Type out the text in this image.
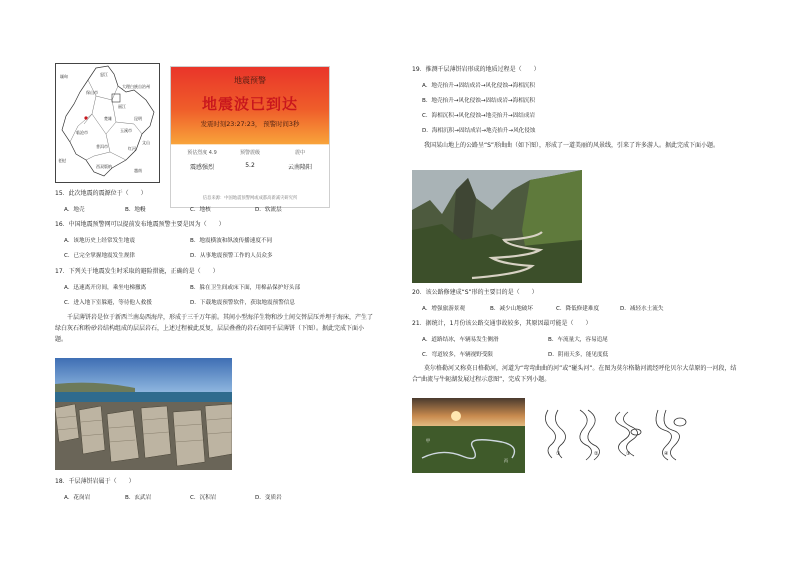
缅甸
保山市
大理白族自治州
怒江
丽江
临沧市
普洱市
玉溪市
昆明
红河
文山
西双版纳
老挝
越南
楚雄
地震预警
地震波已到达
发震时刻23:27:23， 预警时间3秒
预估烈度 4.9	预警震级	震中
震感强烈	5.2	云南隆阳
信息来源：中国地震预警网或成都高新减灾研究所
15．此次地震的震源位于（　　）
A．地壳	B．地幔	C．地核	D．软流层
16．中国地震预警网可以提前发布地震预警主要是因为（　　）
A．该地历史上经常发生地震	B．地震横波和纵波传播速度不同
C．已完全掌握地震发生规律	D．从事地震预警工作的人员众多
17．下列关于地震发生时采取的避险措施，正确的是（　　）
A．迅速离开房间，乘坐电梯撤离	B．躲在卫生间或床下面，用棉品保护好头部
C．进入地下室躲避，等待他人救援	D．下载地震预警软件，获取地震预警信息
千层薄饼岩是位于新西兰南岛西海岸，形成于三千万年前。其间小型海洋生物和沙土间交替层压并埋于海床，产生了绿白灰石和粉砂岩结构组成的层层岩石，上述过程被此反复，层层叠叠的岩石如同千层薄饼（下图）。据此完成下面小题。
18．千层薄饼岩属于（　　）
A．花岗岩	B．玄武岩	C．沉积岩	D．变质岩
19．推测千层薄饼岩形成的地质过程是（　　）
A．地壳抬升→固结成岩→风化侵蚀→海相沉积
B．地壳抬升→风化侵蚀→固结成岩→海相沉积
C．海相沉积→风化侵蚀→地壳抬升→固结成岩
D．海相沉积→固结成岩→地壳抬升→风化侵蚀
我国某山地上的公路呈“S”形曲曲（如下图），形成了一道美丽的风景线，引来了许多游人。据此完成下面小题。
20．该公路修建成“S”形的主要目的是（　　）
A．增强旅游景观	B．减少山地破坏	C．降低修建难度	D．减轻水土流失
21．据统计，1月份该公路交通事故较多，其原因最可能是（　　）
A．道路结冰，车辆易发生侧滑	B．车流量大，容易追尾
C．弯道较多，车辆视野受限	D．阴雨天多，能见度低
莫尔格勒河又称莫日格勒河，河道为“弯弯曲曲的河”或“碰头河”。在图为莫尔格勒河流经呼伦贝尔大草原的一河段，结合“曲流与牛轭湖发展过程示意图”，完成下列小题。
甲
丙
①	②	③	④
